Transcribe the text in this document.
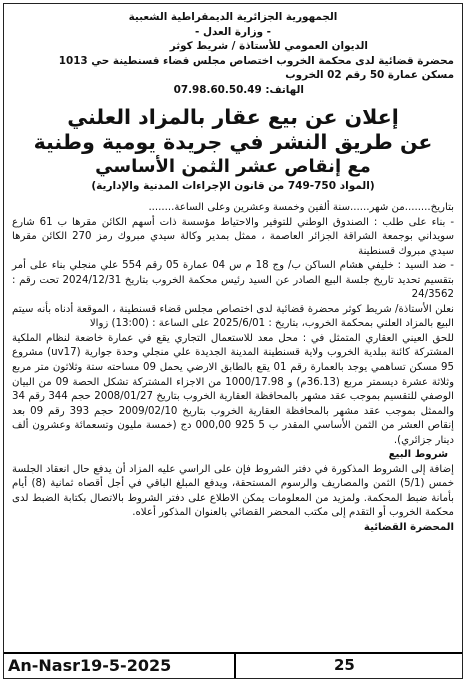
الجمهورية الجزائرية الديمقراطية الشعبية
- وزارة العدل -
الديوان العمومي للأستاذة / شريط كوثر
محضرة قضائية لدى محكمة الخروب اختصاص مجلس قضاء قسنطينة حي 1013
مسكن عمارة 50 رقم 02 الخروب
الهاتف: 07.98.60.50.49
إعلان عن بيع عقار بالمزاد العلني
عن طريق النشر في جريدة يومية وطنية
مع إنقاص عشر الثمن الأساسي
(المواد 750-749 من قانون الإجراءات المدنية والإدارية)

بتاريخ........من شهر......سنة ألفين وخمسة وعشرين وعلى الساعة........

- بناء على طلب : الصندوق الوطني للتوفير والاحتياط مؤسسة ذات أسهم الكائن مقرها ب 61 شارع سويداني بوجمعة الشراقة الجزائر العاصمة ، ممثل بمدير وكالة سيدي مبروك رمز 270 الكائن مقرها سيدي مبروك قسنطينة

- ضد السيد : خليفي هشام الساكن ب/ وج 18 م س 04 عمارة 05 رقم 554 علي منجلي بناء على أمر بتقسيم تحديد تاريخ جلسة البيع الصادر عن السيد رئيس محكمة الخروب بتاريخ 2024/12/31 تحت رقم : 24/3562

نعلن الأستاذة/ شريط كوثر محضرة قضائية لدى اختصاص مجلس قضاء قسنطينة ، الموقعة أدناه بأنه سيتم البيع بالمزاد العلني بمحكمة الخروب، بتاريخ : 2025/6/01 على الساعة : (13:00) زوالا

للحق العيني العقاري المتمثل في : محل معد للاستعمال التجاري يقع في عمارة خاضعة لنظام الملكية المشتركة كائنة ببلدية الخروب ولاية قسنطينة المدينة الجديدة علي منجلي وحدة جوارية (uv17) مشروع 95 مسكن تساهمي يوجد بالعمارة رقم 01 يقع بالطابق الارضي يحمل 09 مساحته ستة وثلاثون متر مربع وثلاثة عشرة ديسمتر مربع (36.13م) و 1000/17.98 من الاجزاء المشتركة تشكل الحصة 09 من البيان الوصفي للتقسيم بموجب عقد مشهر بالمحافظة العقارية الخروب بتاريخ 2008/01/27 حجم 344 رقم 34 والممثل بموجب عقد مشهر بالمحافظة العقارية الخروب بتاريخ 2009/02/10 حجم 393 رقم 09 بعد إنقاص العشر من الثمن الأساسي المقدر ب 5 925 000,00 دج (خمسة مليون وتسعمائة وعشرون ألف دينار جزائري).

شروط البيع

إضافة إلى الشروط المذكورة في دفتر الشروط فإن على الراسي عليه المزاد أن يدفع حال انعقاد الجلسة خمس (5/1) الثمن والمصاريف والرسوم المستحقة، ويدفع المبلغ الباقي في أجل أقصاه ثمانية (8) أيام بأمانة ضبط المحكمة. ولمزيد من المعلومات يمكن الاطلاع على دفتر الشروط بالاتصال بكتابة الضبط لدى محكمة الخروب أو التقدم إلى مكتب المحضر القضائي بالعنوان المذكور أعلاه.

المحضرة القضائية

An-Nasr19-5-2025	25
